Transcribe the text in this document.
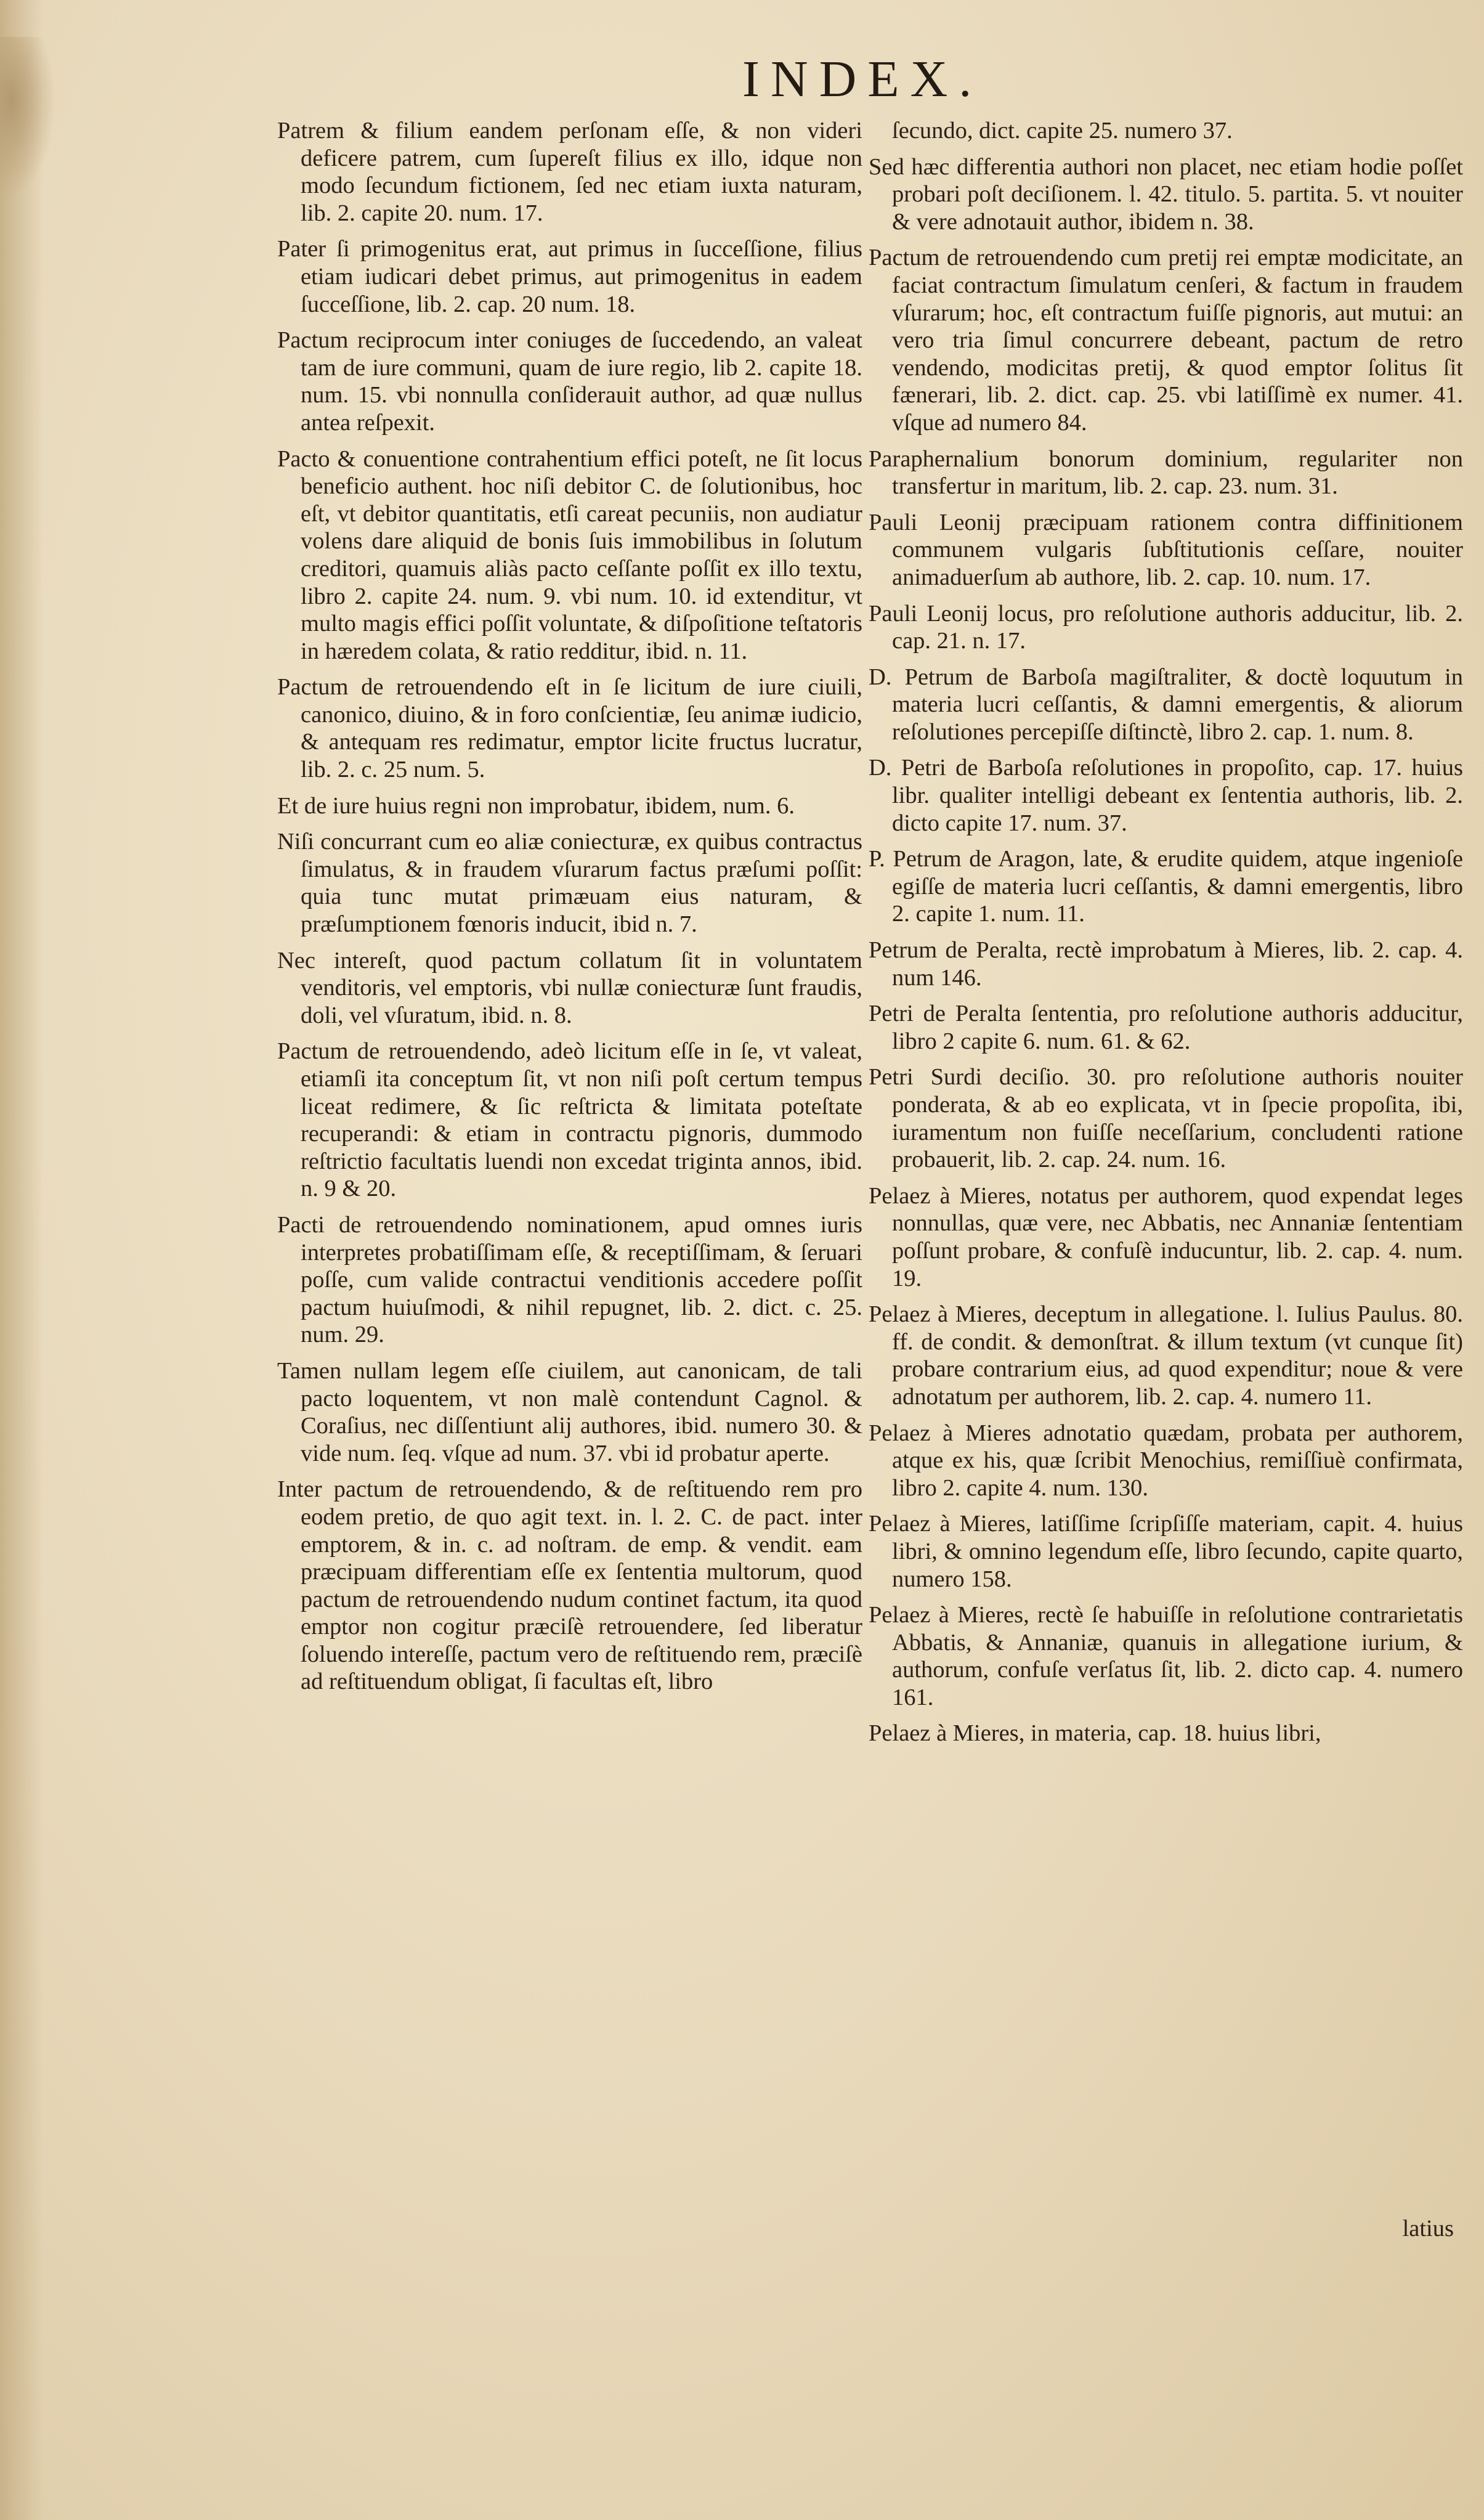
INDEX.

Patrem & filium eandem perſonam eſſe, & non videri deficere patrem, cum ſupereſt filius ex illo, idque non modo ſecundum fictionem, ſed nec etiam iuxta naturam, lib. 2. capite 20. num. 17.

Pater ſi primogenitus erat, aut primus in ſucceſſione, filius etiam iudicari debet primus, aut primogenitus in eadem ſucceſſione, lib. 2. cap. 20 num. 18.

Pactum reciprocum inter coniuges de ſuccedendo, an valeat tam de iure communi, quam de iure regio, lib 2. capite 18. num. 15. vbi nonnulla conſiderauit author, ad quæ nullus antea reſpexit.

Pacto & conuentione contrahentium effici poteſt, ne ſit locus beneficio authent. hoc niſi debitor C. de ſolutionibus, hoc eſt, vt debitor quantitatis, etſi careat pecuniis, non audiatur volens dare aliquid de bonis ſuis immobilibus in ſolutum creditori, quamuis aliàs pacto ceſſante poſſit ex illo textu, libro 2. capite 24. num. 9. vbi num. 10. id extenditur, vt multo magis effici poſſit voluntate, & diſpoſitione teſtatoris in hæredem colata, & ratio redditur, ibid. n. 11.

Pactum de retrouendendo eſt in ſe licitum de iure ciuili, canonico, diuino, & in foro conſcientiæ, ſeu animæ iudicio, & antequam res redimatur, emptor licite fructus lucratur, lib. 2. c. 25 num. 5.

Et de iure huius regni non improbatur, ibidem, num. 6.

Niſi concurrant cum eo aliæ coniecturæ, ex quibus contractus ſimulatus, & in fraudem vſurarum factus præſumi poſſit: quia tunc mutat primæuam eius naturam, & præſumptionem fœnoris inducit, ibid n. 7.

Nec intereſt, quod pactum collatum ſit in voluntatem venditoris, vel emptoris, vbi nullæ coniecturæ ſunt fraudis, doli, vel vſuratum, ibid. n. 8.

Pactum de retrouendendo, adeò licitum eſſe in ſe, vt valeat, etiamſi ita conceptum ſit, vt non niſi poſt certum tempus liceat redimere, & ſic reſtricta & limitata poteſtate recuperandi: & etiam in contractu pignoris, dummodo reſtrictio facultatis luendi non excedat triginta annos, ibid. n. 9 & 20.

Pacti de retrouendendo nominationem, apud omnes iuris interpretes probatiſſimam eſſe, & receptiſſimam, & ſeruari poſſe, cum valide contractui venditionis accedere poſſit pactum huiuſmodi, & nihil repugnet, lib. 2. dict. c. 25. num. 29.

Tamen nullam legem eſſe ciuilem, aut canonicam, de tali pacto loquentem, vt non malè contendunt Cagnol. & Coraſius, nec diſſentiunt alij authores, ibid. numero 30. & vide num. ſeq. vſque ad num. 37. vbi id probatur aperte.

Inter pactum de retrouendendo, & de reſtituendo rem pro eodem pretio, de quo agit text. in. l. 2. C. de pact. inter emptorem, & in. c. ad noſtram. de emp. & vendit. eam præcipuam differentiam eſſe ex ſententia multorum, quod pactum de retrouendendo nudum continet factum, ita quod emptor non cogitur præciſè retrouendere, ſed liberatur ſoluendo intereſſe, pactum vero de reſtituendo rem, præciſè ad reſtituendum obligat, ſi facultas eſt, libro

ſecundo, dict. capite 25. numero 37.

Sed hæc differentia authori non placet, nec etiam hodie poſſet probari poſt deciſionem. l. 42. titulo. 5. partita. 5. vt nouiter & vere adnotauit author, ibidem n. 38.

Pactum de retrouendendo cum pretij rei emptæ modicitate, an faciat contractum ſimulatum cenſeri, & factum in fraudem vſurarum; hoc, eſt contractum fuiſſe pignoris, aut mutui: an vero tria ſimul concurrere debeant, pactum de retro vendendo, modicitas pretij, & quod emptor ſolitus ſit fænerari, lib. 2. dict. cap. 25. vbi latiſſimè ex numer. 41. vſque ad numero 84.

Paraphernalium bonorum dominium, regulariter non transfertur in maritum, lib. 2. cap. 23. num. 31.

Pauli Leonij præcipuam rationem contra diffinitionem communem vulgaris ſubſtitutionis ceſſare, nouiter animaduerſum ab authore, lib. 2. cap. 10. num. 17.

Pauli Leonij locus, pro reſolutione authoris adducitur, lib. 2. cap. 21. n. 17.

D. Petrum de Barboſa magiſtraliter, & doctè loquutum in materia lucri ceſſantis, & damni emergentis, & aliorum reſolutiones percepiſſe diſtinctè, libro 2. cap. 1. num. 8.

D. Petri de Barboſa reſolutiones in propoſito, cap. 17. huius libr. qualiter intelligi debeant ex ſententia authoris, lib. 2. dicto capite 17. num. 37.

P. Petrum de Aragon, late, & erudite quidem, atque ingenioſe egiſſe de materia lucri ceſſantis, & damni emergentis, libro 2. capite 1. num. 11.

Petrum de Peralta, rectè improbatum à Mieres, lib. 2. cap. 4. num 146.

Petri de Peralta ſententia, pro reſolutione authoris adducitur, libro 2 capite 6. num. 61. & 62.

Petri Surdi deciſio. 30. pro reſolutione authoris nouiter ponderata, & ab eo explicata, vt in ſpecie propoſita, ibi, iuramentum non fuiſſe neceſſarium, concludenti ratione probauerit, lib. 2. cap. 24. num. 16.

Pelaez à Mieres, notatus per authorem, quod expendat leges nonnullas, quæ vere, nec Abbatis, nec Annaniæ ſententiam poſſunt probare, & confuſè inducuntur, lib. 2. cap. 4. num. 19.

Pelaez à Mieres, deceptum in allegatione. l. Iulius Paulus. 80. ff. de condit. & demonſtrat. & illum textum (vt cunque ſit) probare contrarium eius, ad quod expenditur; noue & vere adnotatum per authorem, lib. 2. cap. 4. numero 11.

Pelaez à Mieres adnotatio quædam, probata per authorem, atque ex his, quæ ſcribit Menochius, remiſſiuè confirmata, libro 2. capite 4. num. 130.

Pelaez à Mieres, latiſſime ſcripſiſſe materiam, capit. 4. huius libri, & omnino legendum eſſe, libro ſecundo, capite quarto, numero 158.

Pelaez à Mieres, rectè ſe habuiſſe in reſolutione contrarietatis Abbatis, & Annaniæ, quanuis in allegatione iurium, & authorum, confuſe verſatus ſit, lib. 2. dicto cap. 4. numero 161.

Pelaez à Mieres, in materia, cap. 18. huius libri,

latius
